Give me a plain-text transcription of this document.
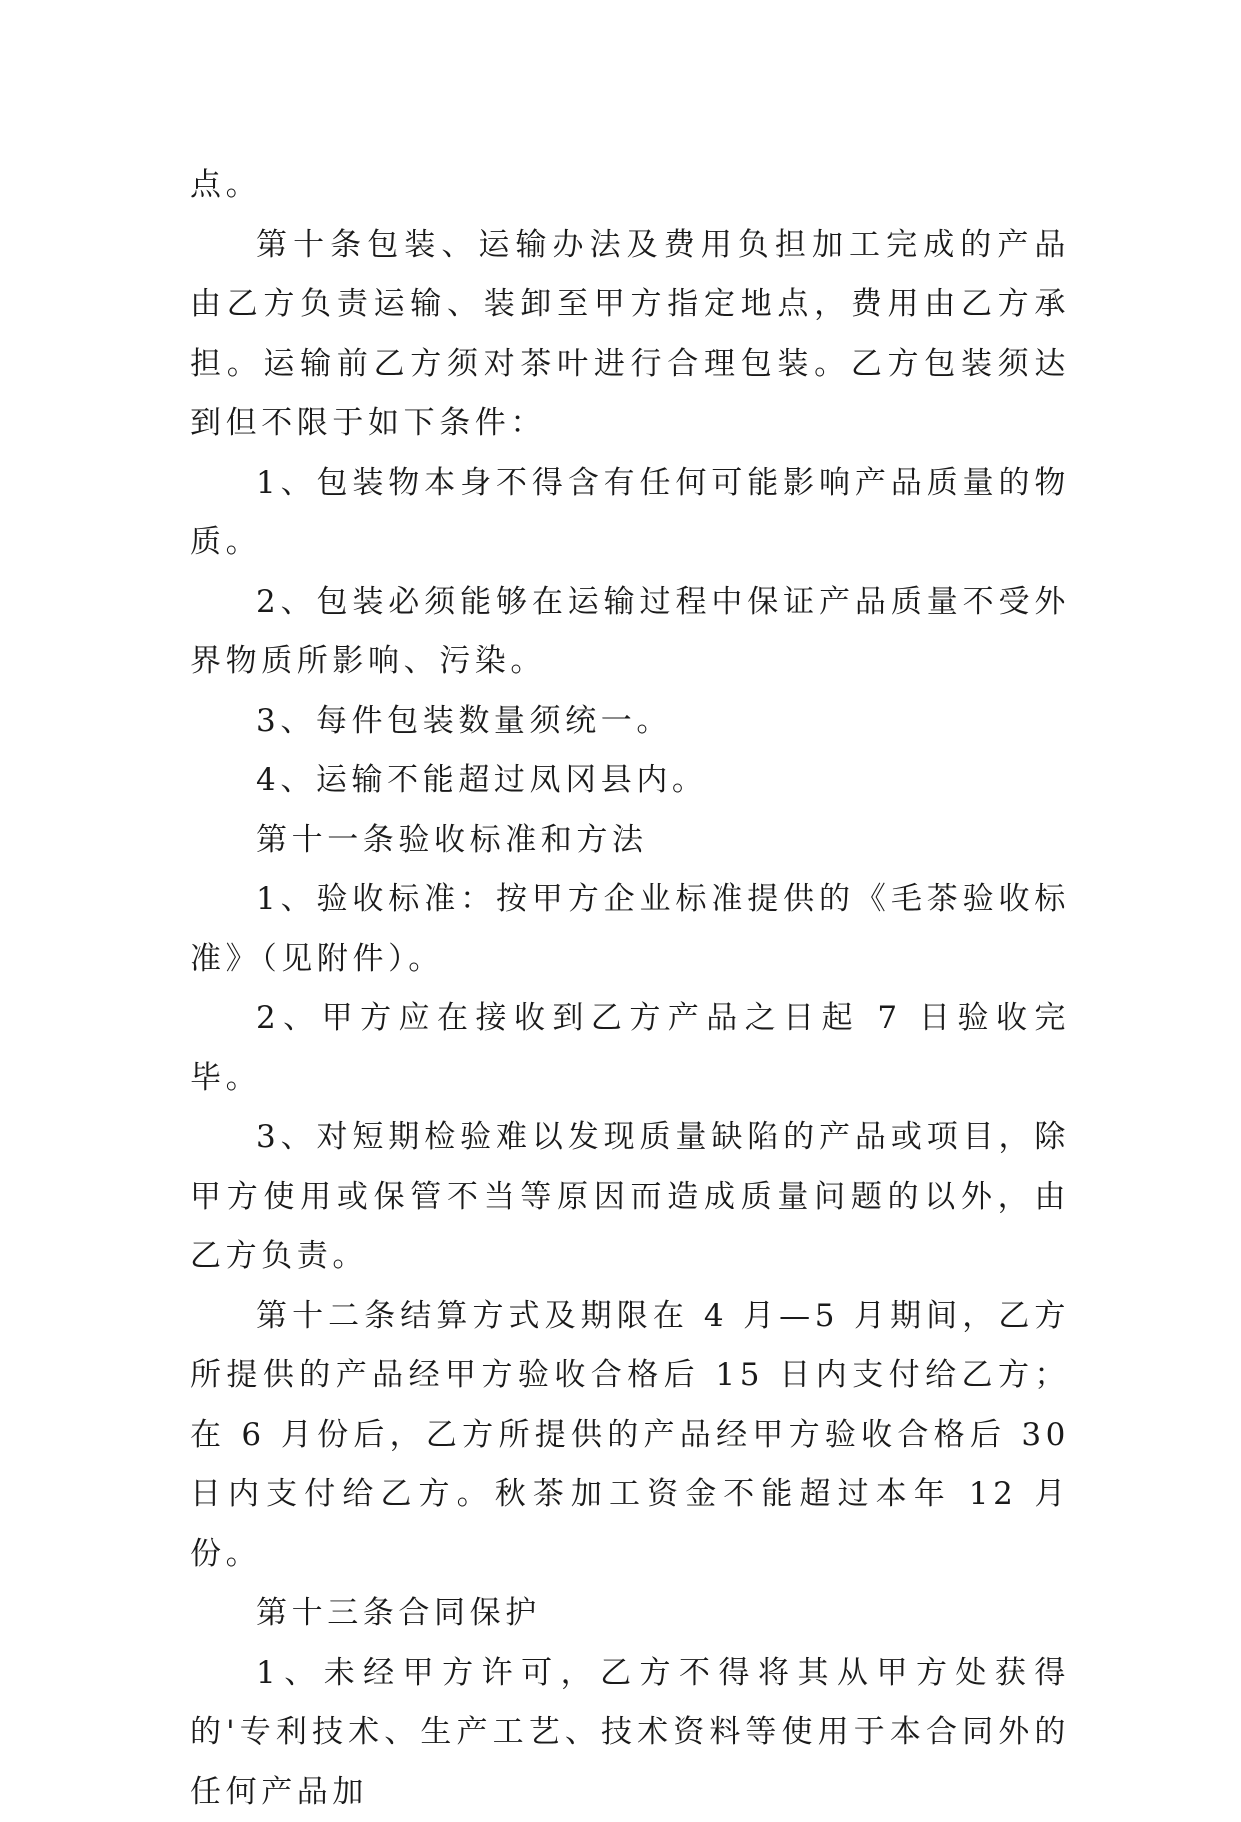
点。

第十条包装、运输办法及费用负担加工完成的产品由乙方负责运输、装卸至甲方指定地点，费用由乙方承担。运输前乙方须对茶叶进行合理包装。乙方包装须达到但不限于如下条件：

1、包装物本身不得含有任何可能影响产品质量的物质。

2、包装必须能够在运输过程中保证产品质量不受外界物质所影响、污染。

3、每件包装数量须统一。

4、运输不能超过凤冈县内。

第十一条验收标准和方法

1、验收标准：按甲方企业标准提供的《毛茶验收标准》（见附件）。

2、甲方应在接收到乙方产品之日起 7 日验收完毕。

3、对短期检验难以发现质量缺陷的产品或项目，除甲方使用或保管不当等原因而造成质量问题的以外，由乙方负责。

第十二条结算方式及期限在 4 月—5 月期间，乙方所提供的产品经甲方验收合格后 15 日内支付给乙方；在 6 月份后，乙方所提供的产品经甲方验收合格后 30 日内支付给乙方。秋茶加工资金不能超过本年 12 月份。

第十三条合同保护

1、未经甲方许可，乙方不得将其从甲方处获得的'专利技术、生产工艺、技术资料等使用于本合同外的任何产品加
